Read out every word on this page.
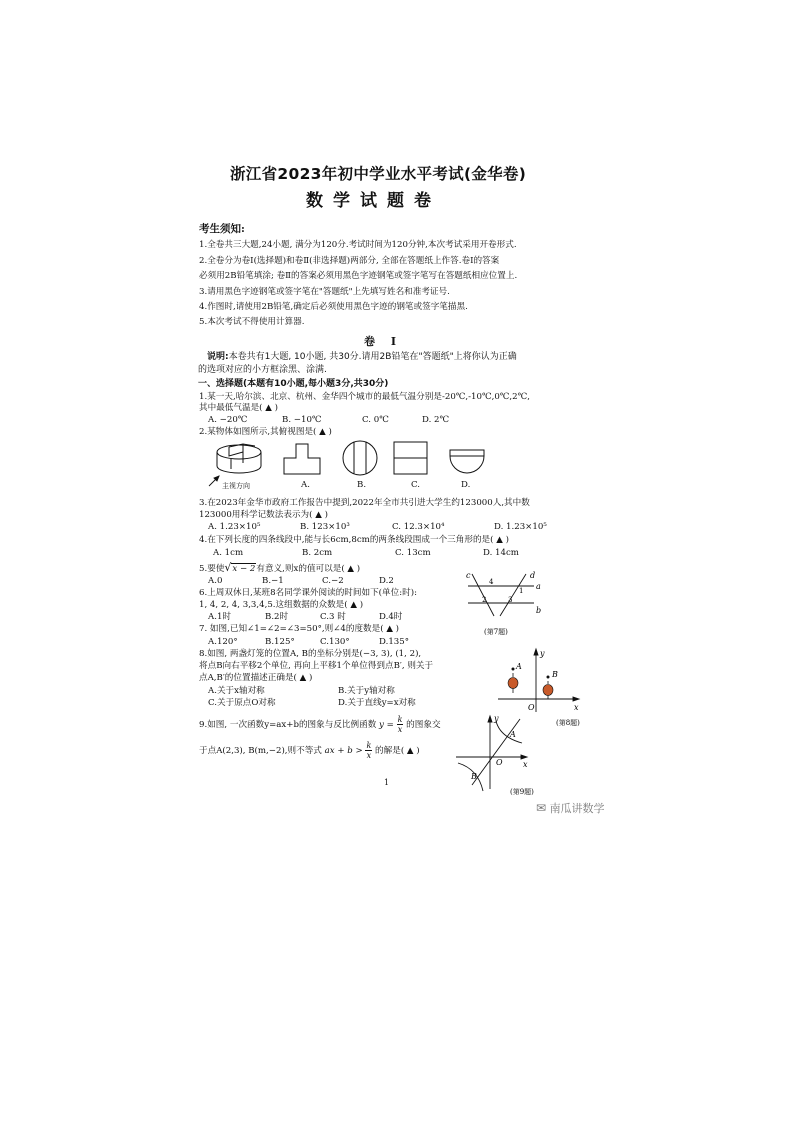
浙江省2023年初中学业水平考试(金华卷)
数学试题卷
考生须知:
1.全卷共三大题,24小题, 满分为120分.考试时间为120分钟,本次考试采用开卷形式.
2.全卷分为卷Ⅰ(选择题)和卷Ⅱ(非选择题)两部分, 全部在答题纸上作答.卷Ⅰ的答案
必须用2B铅笔填涂; 卷Ⅱ的答案必须用黑色字迹钢笔或签字笔写在答题纸相应位置上.
3.请用黑色字迹钢笔或签字笔在"答题纸"上先填写姓名和准考证号.
4.作图时,请使用2B铅笔,确定后必须使用黑色字迹的钢笔或签字笔描黑.
5.本次考试不得使用计算器.
卷 Ⅰ
说明:本卷共有1大题, 10小题, 共30分.请用2B铅笔在"答题纸"上将你认为正确
的选项对应的小方框涂黑、涂满.
一、选择题(本题有10小题,每小题3分,共30分)
1.某一天,哈尔滨、北京、杭州、金华四个城市的最低气温分别是-20℃,-10℃,0℃,2℃,
其中最低气温是( ▲ )
A. −20℃	B. −10℃	C. 0℃	D. 2℃
2.某物体如图所示,其俯视图是( ▲ )
主视方向	A.	B.	C.	D.
3.在2023年金华市政府工作报告中提到,2022年全市共引进大学生约123000人,其中数
123000用科学记数法表示为( ▲ )
A. 1.23×10⁵	B. 123×10³	C. 12.3×10⁴	D. 1.23×10⁵
4.在下列长度的四条线段中,能与长6cm,8cm的两条线段围成一个三角形的是( ▲ )
A. 1cm	B. 2cm	C. 13cm	D. 14cm
5.要使√x − 2有意义,则x的值可以是( ▲ )
A.0	B.−1	C.−2	D.2
6.上周双休日,某班8名同学课外阅读的时间如下(单位:时):
1, 4, 2, 4, 3,3,4,5.这组数据的众数是( ▲ )
A.1时	B.2时	C.3 时	D.4时
7. 如图,已知∠1=∠2=∠3=50°,则∠4的度数是( ▲ )
A.120°	B.125°	C.130°	D.135°
c	d
a
b
4
1
2	3
(第7题)
8.如图, 两盏灯笼的位置A, B的坐标分别是(−3, 3), (1, 2),
将点B向右平移2个单位, 再向上平移1个单位得到点B′, 则关于
点A,B′的位置描述正确是( ▲ )
A.关于x轴对称	B.关于y轴对称
C.关于原点O对称	D.关于直线y=x对称
A
B
y
x
O
(第8题)
9.如图, 一次函数y=ax+b的图象与反比例函数 $y = \frac{k}{x}$ 的图象交
于点A(2,3), B(m,−2),则不等式 ax + $b > \frac{k}{x}$ 的解是( ▲ )
y
x
O
A
B
(第9题)
1
✉ 南瓜讲数学
